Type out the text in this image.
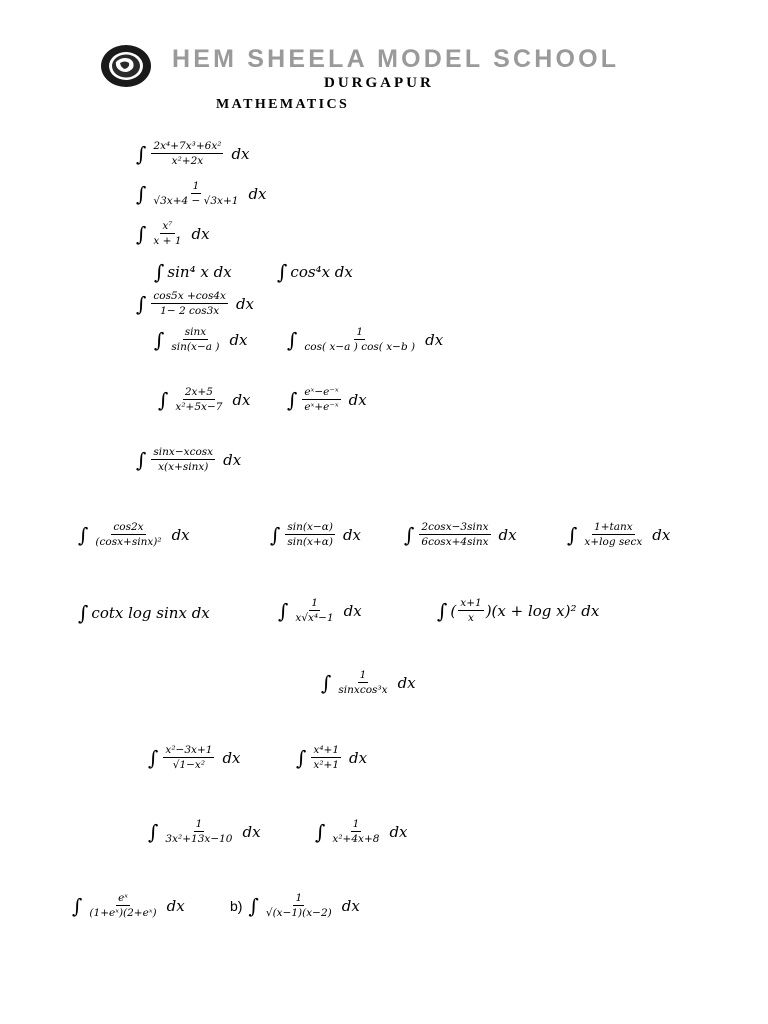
HEM SHEELA MODEL SCHOOL
DURGAPUR
MATHEMATICS
∫ $\frac{\text{2x⁴+7x³+6x²}}{\text{x²+2x}}$ dx
∫ $\frac{1}{√3x+4 - √3x+1}$ dx
∫ $\frac{\text{x⁷}}{x + 1}$ dx
∫ sin⁴ x dx ∫ cos⁴x dx
∫ $\frac{\cos 5x +\cos 4x}{1- 2 \cos 3x}$ dx
∫ $\frac{\sin x}{\sin(x-a )}$ dx ∫ $\frac{1}{\cos( x-a ) \cos( x-b )}$ dx
∫ $\frac{2x+5}{\text{x²+5x−7}}$ dx ∫ $\frac{\text{eˣ−e⁻ˣ}}{\text{eˣ+e⁻ˣ}}$ dx
∫ $\frac{\sin x-xcosx}{x(x+\sin x)}$ dx
∫ $\frac{\cos 2x}{\text{(cosx+sinx)²}}$ dx	∫ $\frac{\sin(x-\alpha)}{\sin(x+\alpha)}$ dx ∫ $\frac{2\cos x-3\sin x}{6\cos x+4\sin x}$ dx	∫ $\frac{1+\tan x}{\text{x+log secx}}$ dx
∫ cotx log sinx dx	∫ $\frac{1}{\text{x√x⁴−1}}$ dx	∫ ( $\frac{x+1}{x} )(x + \log x)^2$ dx
∫ $\frac{1}{\text{sinxcos³x}}$ dx
∫ $\frac{\text{x²−3x+1}}{\text{√1−x²}}$ dx	∫ $\frac{\text{x⁴+1}}{\text{x²+1}}$ dx
∫ $\frac{1}{\text{3x²+13x−10}}$ dx	∫ $\frac{1}{\text{x²+4x+8}}$ dx
∫ $\frac{\text{eˣ}}{\text{(1+eˣ)(2+eˣ)}}$ dx	b) ∫ $\frac{1}{√(x-1)(x-2)}$ dx
